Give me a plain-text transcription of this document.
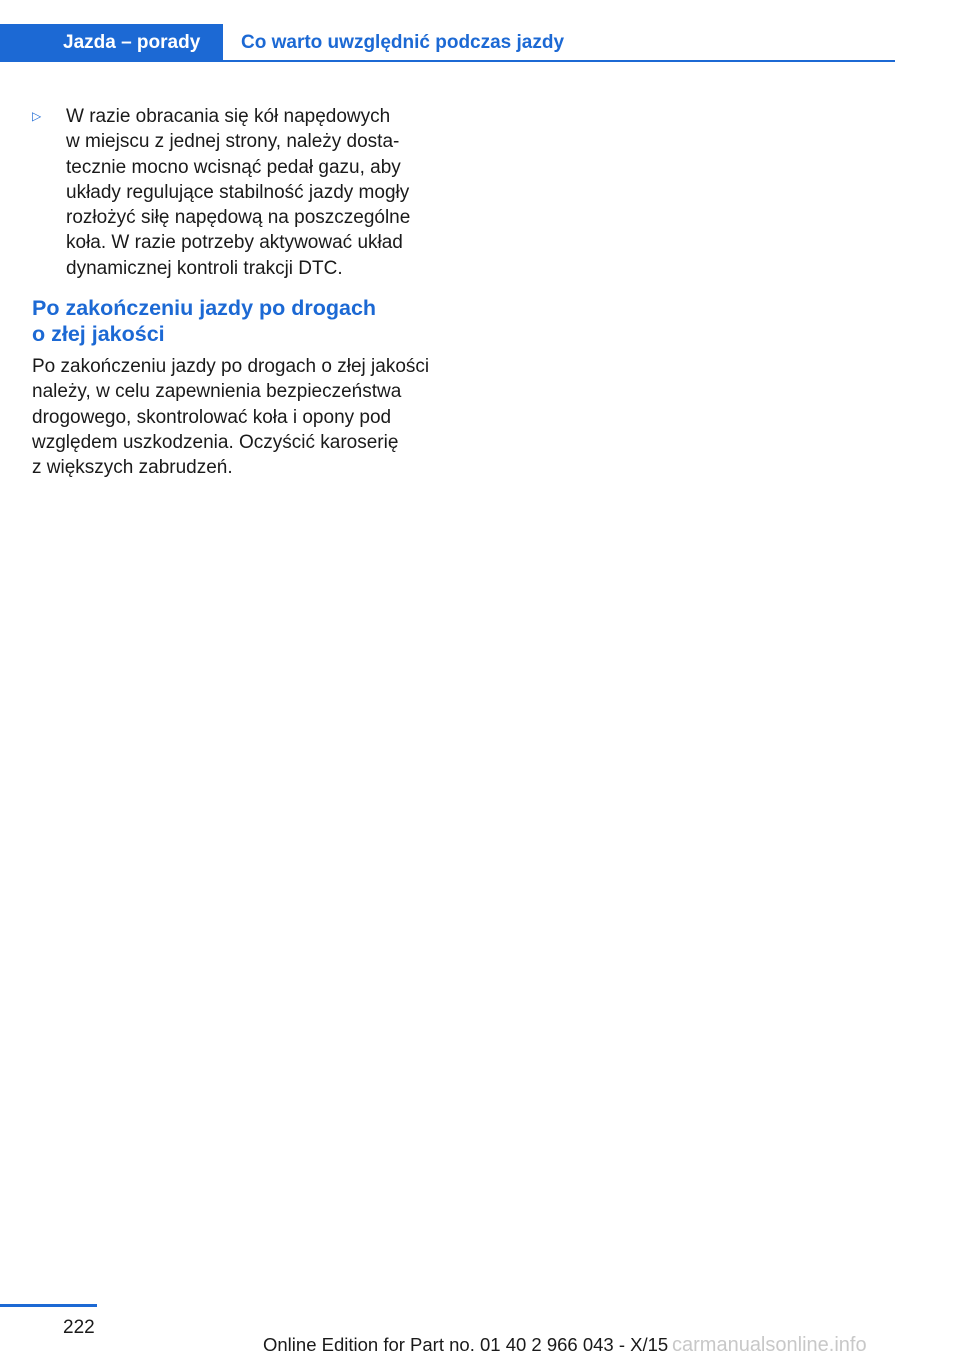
Jazda – porady	Co warto uwzględnić podczas jazdy
▷	W razie obracania się kół napędowych
w miejscu z jednej strony, należy dosta-
tecznie mocno wcisnąć pedał gazu, aby
układy regulujące stabilność jazdy mogły
rozłożyć siłę napędową na poszczególne
koła. W razie potrzeby aktywować układ
dynamicznej kontroli trakcji DTC.
Po zakończeniu jazdy po drogach
o złej jakości
Po zakończeniu jazdy po drogach o złej jakości
należy, w celu zapewnienia bezpieczeństwa
drogowego, skontrolować koła i opony pod
względem uszkodzenia. Oczyścić karoserię
z większych zabrudzeń.
222
Online Edition for Part no. 01 40 2 966 043 - X/15 carmanualsonline.info
